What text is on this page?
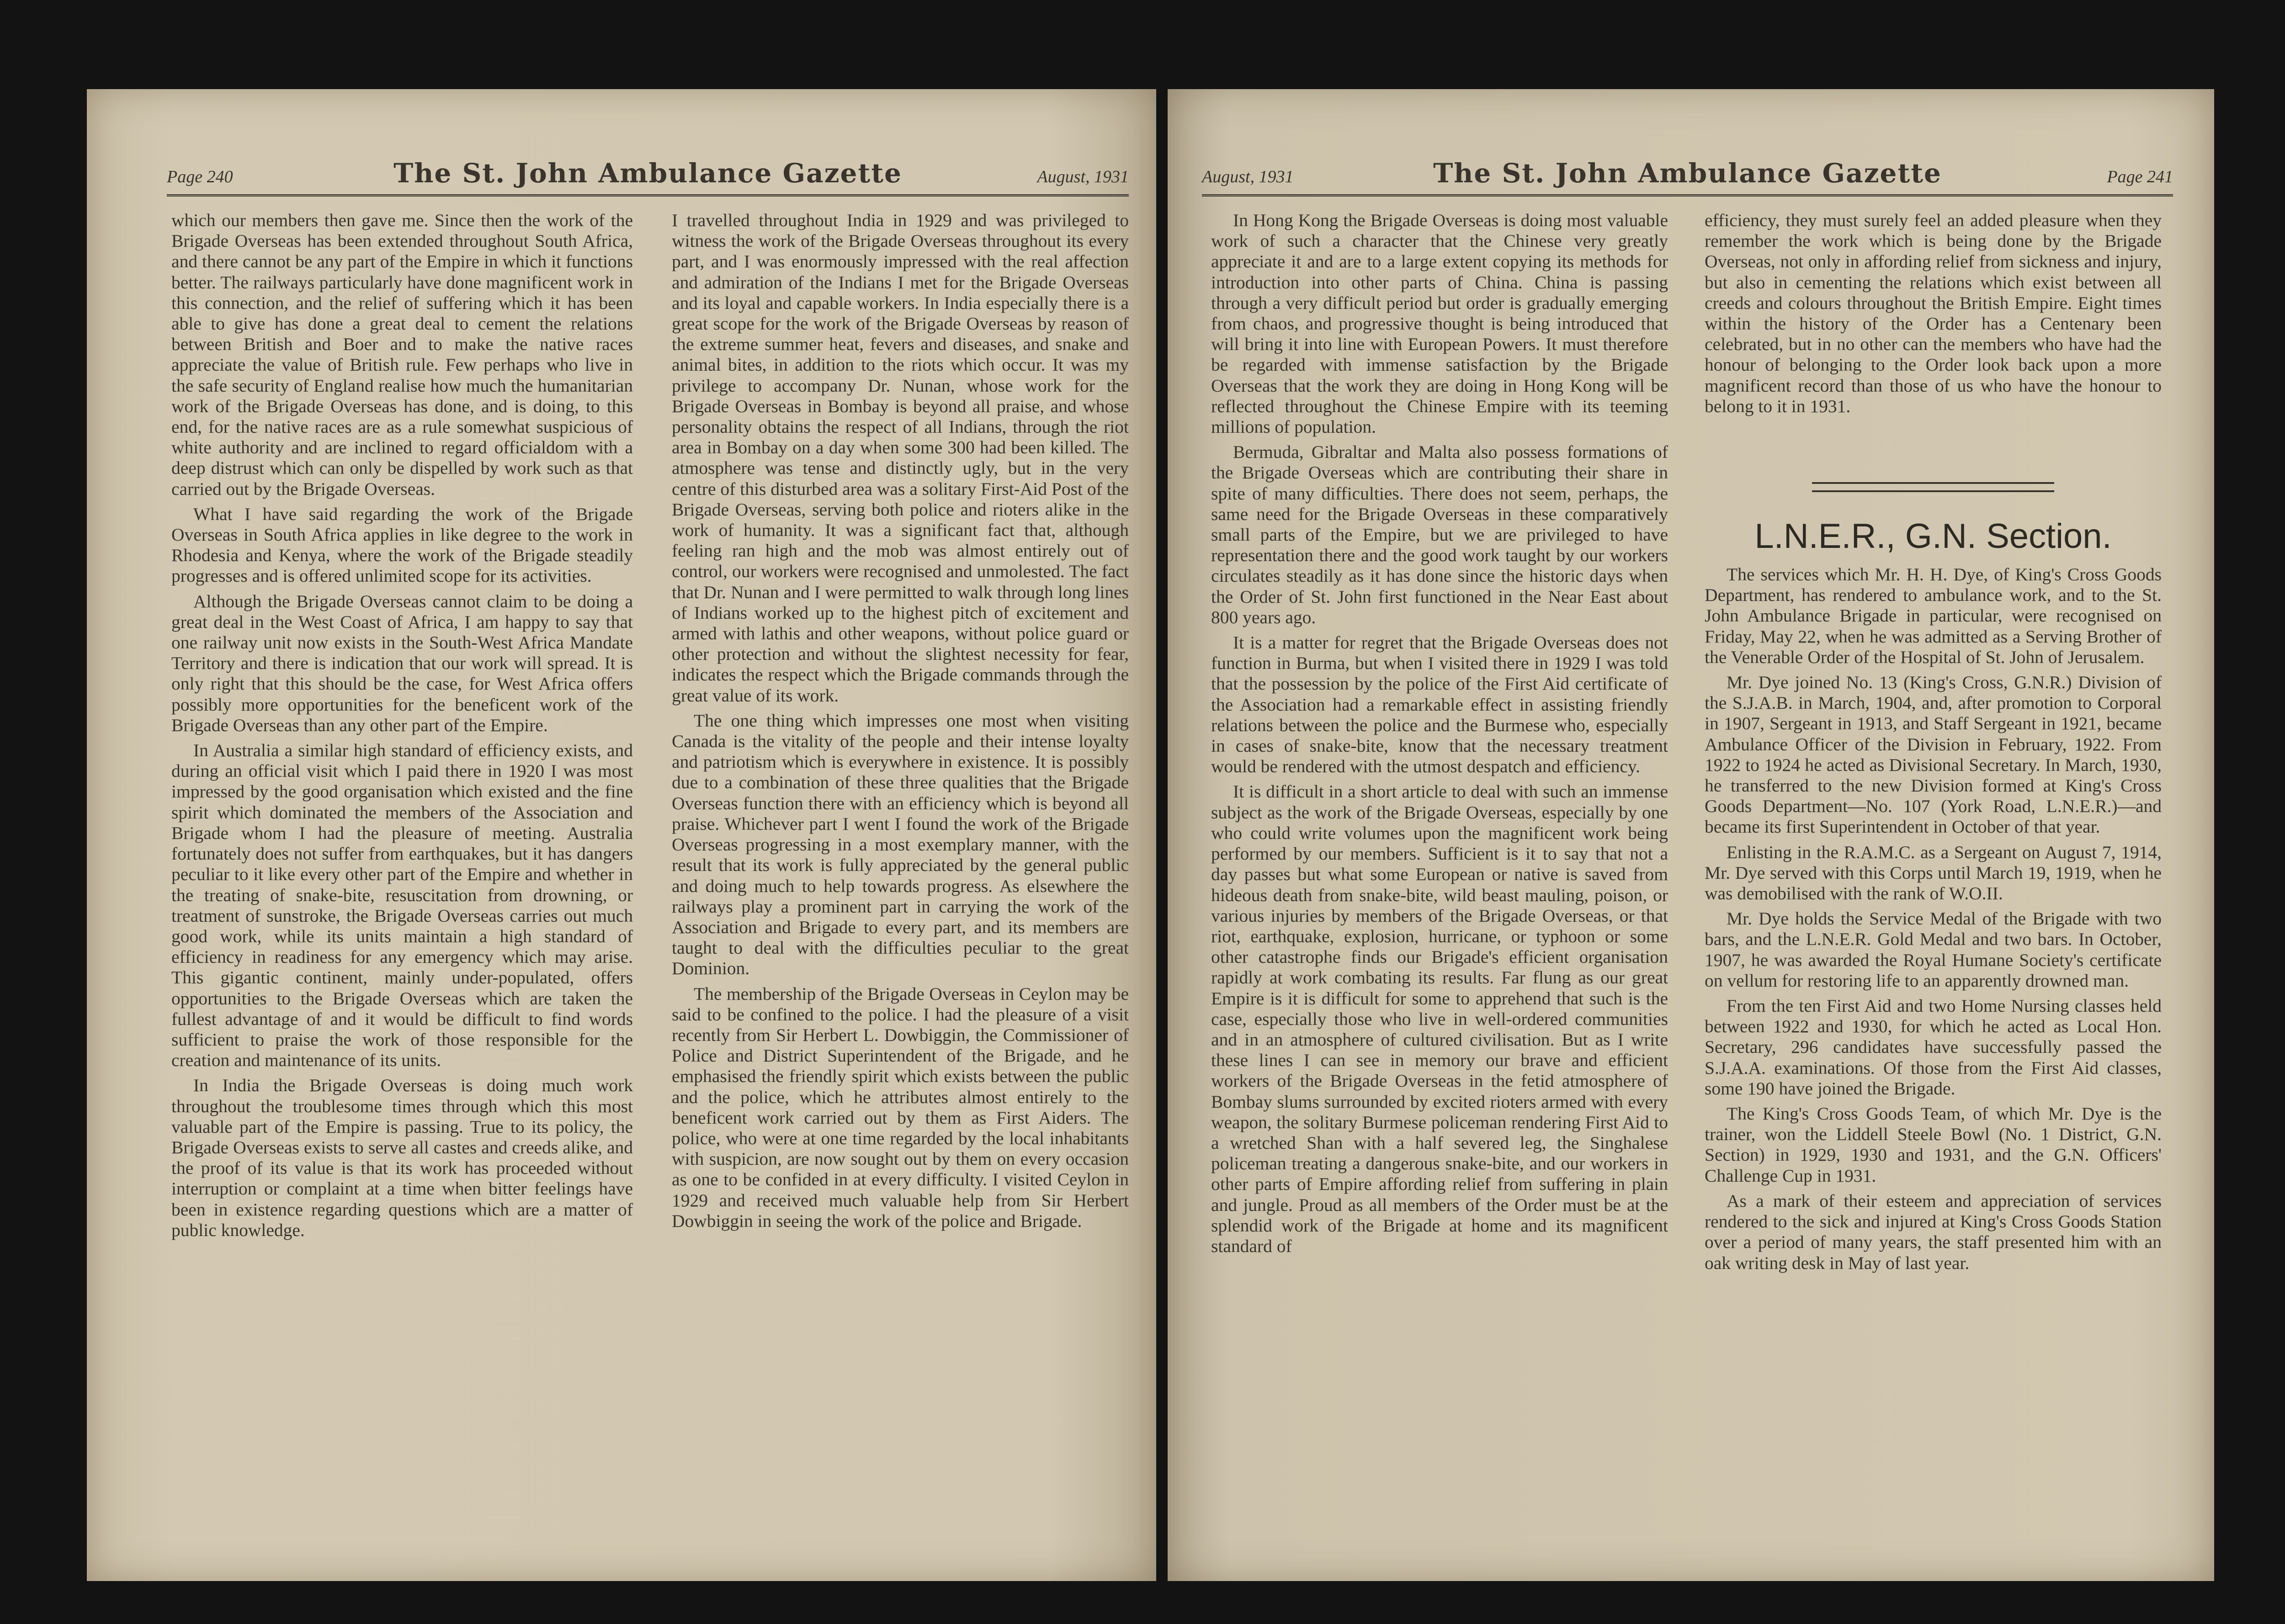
Page 240	The St. John Ambulance Gazette	August, 1931

which our members then gave me. Since then the work of the Brigade Overseas has been extended throughout South Africa, and there cannot be any part of the Empire in which it functions better. The railways particularly have done magnificent work in this connection, and the relief of suffering which it has been able to give has done a great deal to cement the relations between British and Boer and to make the native races appreciate the value of British rule. Few perhaps who live in the safe security of England realise how much the humanitarian work of the Brigade Overseas has done, and is doing, to this end, for the native races are as a rule somewhat suspicious of white authority and are inclined to regard officialdom with a deep distrust which can only be dispelled by work such as that carried out by the Brigade Overseas.

What I have said regarding the work of the Brigade Overseas in South Africa applies in like degree to the work in Rhodesia and Kenya, where the work of the Brigade steadily progresses and is offered unlimited scope for its activities.

Although the Brigade Overseas cannot claim to be doing a great deal in the West Coast of Africa, I am happy to say that one railway unit now exists in the South-West Africa Mandate Territory and there is indication that our work will spread. It is only right that this should be the case, for West Africa offers possibly more opportunities for the beneficent work of the Brigade Overseas than any other part of the Empire.

In Australia a similar high standard of efficiency exists, and during an official visit which I paid there in 1920 I was most impressed by the good organisation which existed and the fine spirit which dominated the members of the Association and Brigade whom I had the pleasure of meeting. Australia fortunately does not suffer from earthquakes, but it has dangers peculiar to it like every other part of the Empire and whether in the treating of snake-bite, resuscitation from drowning, or treatment of sunstroke, the Brigade Overseas carries out much good work, while its units maintain a high standard of efficiency in readiness for any emergency which may arise. This gigantic continent, mainly under-populated, offers opportunities to the Brigade Overseas which are taken the fullest advantage of and it would be difficult to find words sufficient to praise the work of those responsible for the creation and maintenance of its units.

In India the Brigade Overseas is doing much work throughout the troublesome times through which this most valuable part of the Empire is passing. True to its policy, the Brigade Overseas exists to serve all castes and creeds alike, and the proof of its value is that its work has proceeded without interruption or complaint at a time when bitter feelings have been in existence regarding questions which are a matter of public knowledge.

I travelled throughout India in 1929 and was privileged to witness the work of the Brigade Overseas throughout its every part, and I was enormously impressed with the real affection and admiration of the Indians I met for the Brigade Overseas and its loyal and capable workers. In India especially there is a great scope for the work of the Brigade Overseas by reason of the extreme summer heat, fevers and diseases, and snake and animal bites, in addition to the riots which occur. It was my privilege to accompany Dr. Nunan, whose work for the Brigade Overseas in Bombay is beyond all praise, and whose personality obtains the respect of all Indians, through the riot area in Bombay on a day when some 300 had been killed. The atmosphere was tense and distinctly ugly, but in the very centre of this disturbed area was a solitary First-Aid Post of the Brigade Overseas, serving both police and rioters alike in the work of humanity. It was a significant fact that, although feeling ran high and the mob was almost entirely out of control, our workers were recognised and unmolested. The fact that Dr. Nunan and I were permitted to walk through long lines of Indians worked up to the highest pitch of excitement and armed with lathis and other weapons, without police guard or other protection and without the slightest necessity for fear, indicates the respect which the Brigade commands through the great value of its work.

The one thing which impresses one most when visiting Canada is the vitality of the people and their intense loyalty and patriotism which is everywhere in existence. It is possibly due to a combination of these three qualities that the Brigade Overseas function there with an efficiency which is beyond all praise. Whichever part I went I found the work of the Brigade Overseas progressing in a most exemplary manner, with the result that its work is fully appreciated by the general public and doing much to help towards progress. As elsewhere the railways play a prominent part in carrying the work of the Association and Brigade to every part, and its members are taught to deal with the difficulties peculiar to the great Dominion.

The membership of the Brigade Overseas in Ceylon may be said to be confined to the police. I had the pleasure of a visit recently from Sir Herbert L. Dowbiggin, the Commissioner of Police and District Superintendent of the Brigade, and he emphasised the friendly spirit which exists between the public and the police, which he attributes almost entirely to the beneficent work carried out by them as First Aiders. The police, who were at one time regarded by the local inhabitants with suspicion, are now sought out by them on every occasion as one to be confided in at every difficulty. I visited Ceylon in 1929 and received much valuable help from Sir Herbert Dowbiggin in seeing the work of the police and Brigade.

August, 1931	The St. John Ambulance Gazette	Page 241

In Hong Kong the Brigade Overseas is doing most valuable work of such a character that the Chinese very greatly appreciate it and are to a large extent copying its methods for introduction into other parts of China. China is passing through a very difficult period but order is gradually emerging from chaos, and progressive thought is being introduced that will bring it into line with European Powers. It must therefore be regarded with immense satisfaction by the Brigade Overseas that the work they are doing in Hong Kong will be reflected throughout the Chinese Empire with its teeming millions of population.

Bermuda, Gibraltar and Malta also possess formations of the Brigade Overseas which are contributing their share in spite of many difficulties. There does not seem, perhaps, the same need for the Brigade Overseas in these comparatively small parts of the Empire, but we are privileged to have representation there and the good work taught by our workers circulates steadily as it has done since the historic days when the Order of St. John first functioned in the Near East about 800 years ago.

It is a matter for regret that the Brigade Overseas does not function in Burma, but when I visited there in 1929 I was told that the possession by the police of the First Aid certificate of the Association had a remarkable effect in assisting friendly relations between the police and the Burmese who, especially in cases of snake-bite, know that the necessary treatment would be rendered with the utmost despatch and efficiency.

It is difficult in a short article to deal with such an immense subject as the work of the Brigade Overseas, especially by one who could write volumes upon the magnificent work being performed by our members. Sufficient is it to say that not a day passes but what some European or native is saved from hideous death from snake-bite, wild beast mauling, poison, or various injuries by members of the Brigade Overseas, or that riot, earthquake, explosion, hurricane, or typhoon or some other catastrophe finds our Brigade's efficient organisation rapidly at work combating its results. Far flung as our great Empire is it is difficult for some to apprehend that such is the case, especially those who live in well-ordered communities and in an atmosphere of cultured civilisation. But as I write these lines I can see in memory our brave and efficient workers of the Brigade Overseas in the fetid atmosphere of Bombay slums surrounded by excited rioters armed with every weapon, the solitary Burmese policeman rendering First Aid to a wretched Shan with a half severed leg, the Singhalese policeman treating a dangerous snake-bite, and our workers in other parts of Empire affording relief from suffering in plain and jungle. Proud as all members of the Order must be at the splendid work of the Brigade at home and its magnificent standard of

efficiency, they must surely feel an added pleasure when they remember the work which is being done by the Brigade Overseas, not only in affording relief from sickness and injury, but also in cementing the relations which exist between all creeds and colours throughout the British Empire. Eight times within the history of the Order has a Centenary been celebrated, but in no other can the members who have had the honour of belonging to the Order look back upon a more magnificent record than those of us who have the honour to belong to it in 1931.

L.N.E.R., G.N. Section.

The services which Mr. H. H. Dye, of King's Cross Goods Department, has rendered to ambulance work, and to the St. John Ambulance Brigade in particular, were recognised on Friday, May 22, when he was admitted as a Serving Brother of the Venerable Order of the Hospital of St. John of Jerusalem.

Mr. Dye joined No. 13 (King's Cross, G.N.R.) Division of the S.J.A.B. in March, 1904, and, after promotion to Corporal in 1907, Sergeant in 1913, and Staff Sergeant in 1921, became Ambulance Officer of the Division in February, 1922. From 1922 to 1924 he acted as Divisional Secretary. In March, 1930, he transferred to the new Division formed at King's Cross Goods Department—No. 107 (York Road, L.N.E.R.)—and became its first Superintendent in October of that year.

Enlisting in the R.A.M.C. as a Sergeant on August 7, 1914, Mr. Dye served with this Corps until March 19, 1919, when he was demobilised with the rank of W.O.II.

Mr. Dye holds the Service Medal of the Brigade with two bars, and the L.N.E.R. Gold Medal and two bars. In October, 1907, he was awarded the Royal Humane Society's certificate on vellum for restoring life to an apparently drowned man.

From the ten First Aid and two Home Nursing classes held between 1922 and 1930, for which he acted as Local Hon. Secretary, 296 candidates have successfully passed the S.J.A.A. examinations. Of those from the First Aid classes, some 190 have joined the Brigade.

The King's Cross Goods Team, of which Mr. Dye is the trainer, won the Liddell Steele Bowl (No. 1 District, G.N. Section) in 1929, 1930 and 1931, and the G.N. Officers' Challenge Cup in 1931.

As a mark of their esteem and appreciation of services rendered to the sick and injured at King's Cross Goods Station over a period of many years, the staff presented him with an oak writing desk in May of last year.
